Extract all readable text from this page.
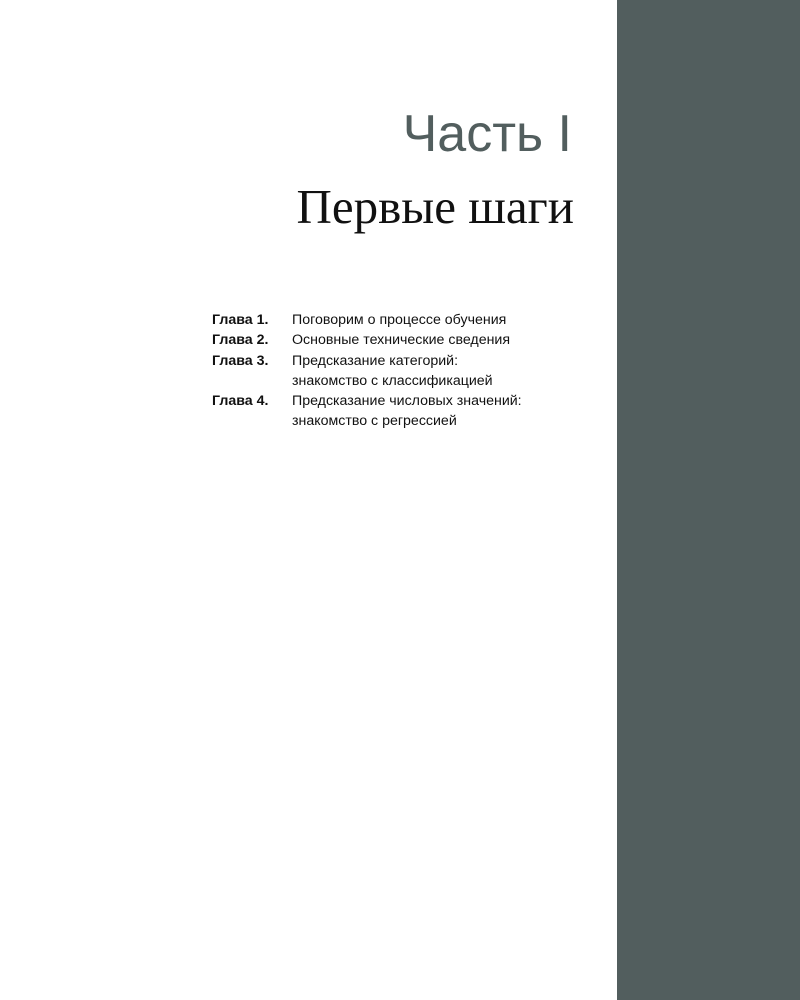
Часть I
Первые шаги
Глава 1.	Поговорим о процессе обучения
Глава 2.	Основные технические сведения
Глава 3.	Предсказание категорий:
знакомство с классификацией
Глава 4.	Предсказание числовых значений:
знакомство с регрессией
